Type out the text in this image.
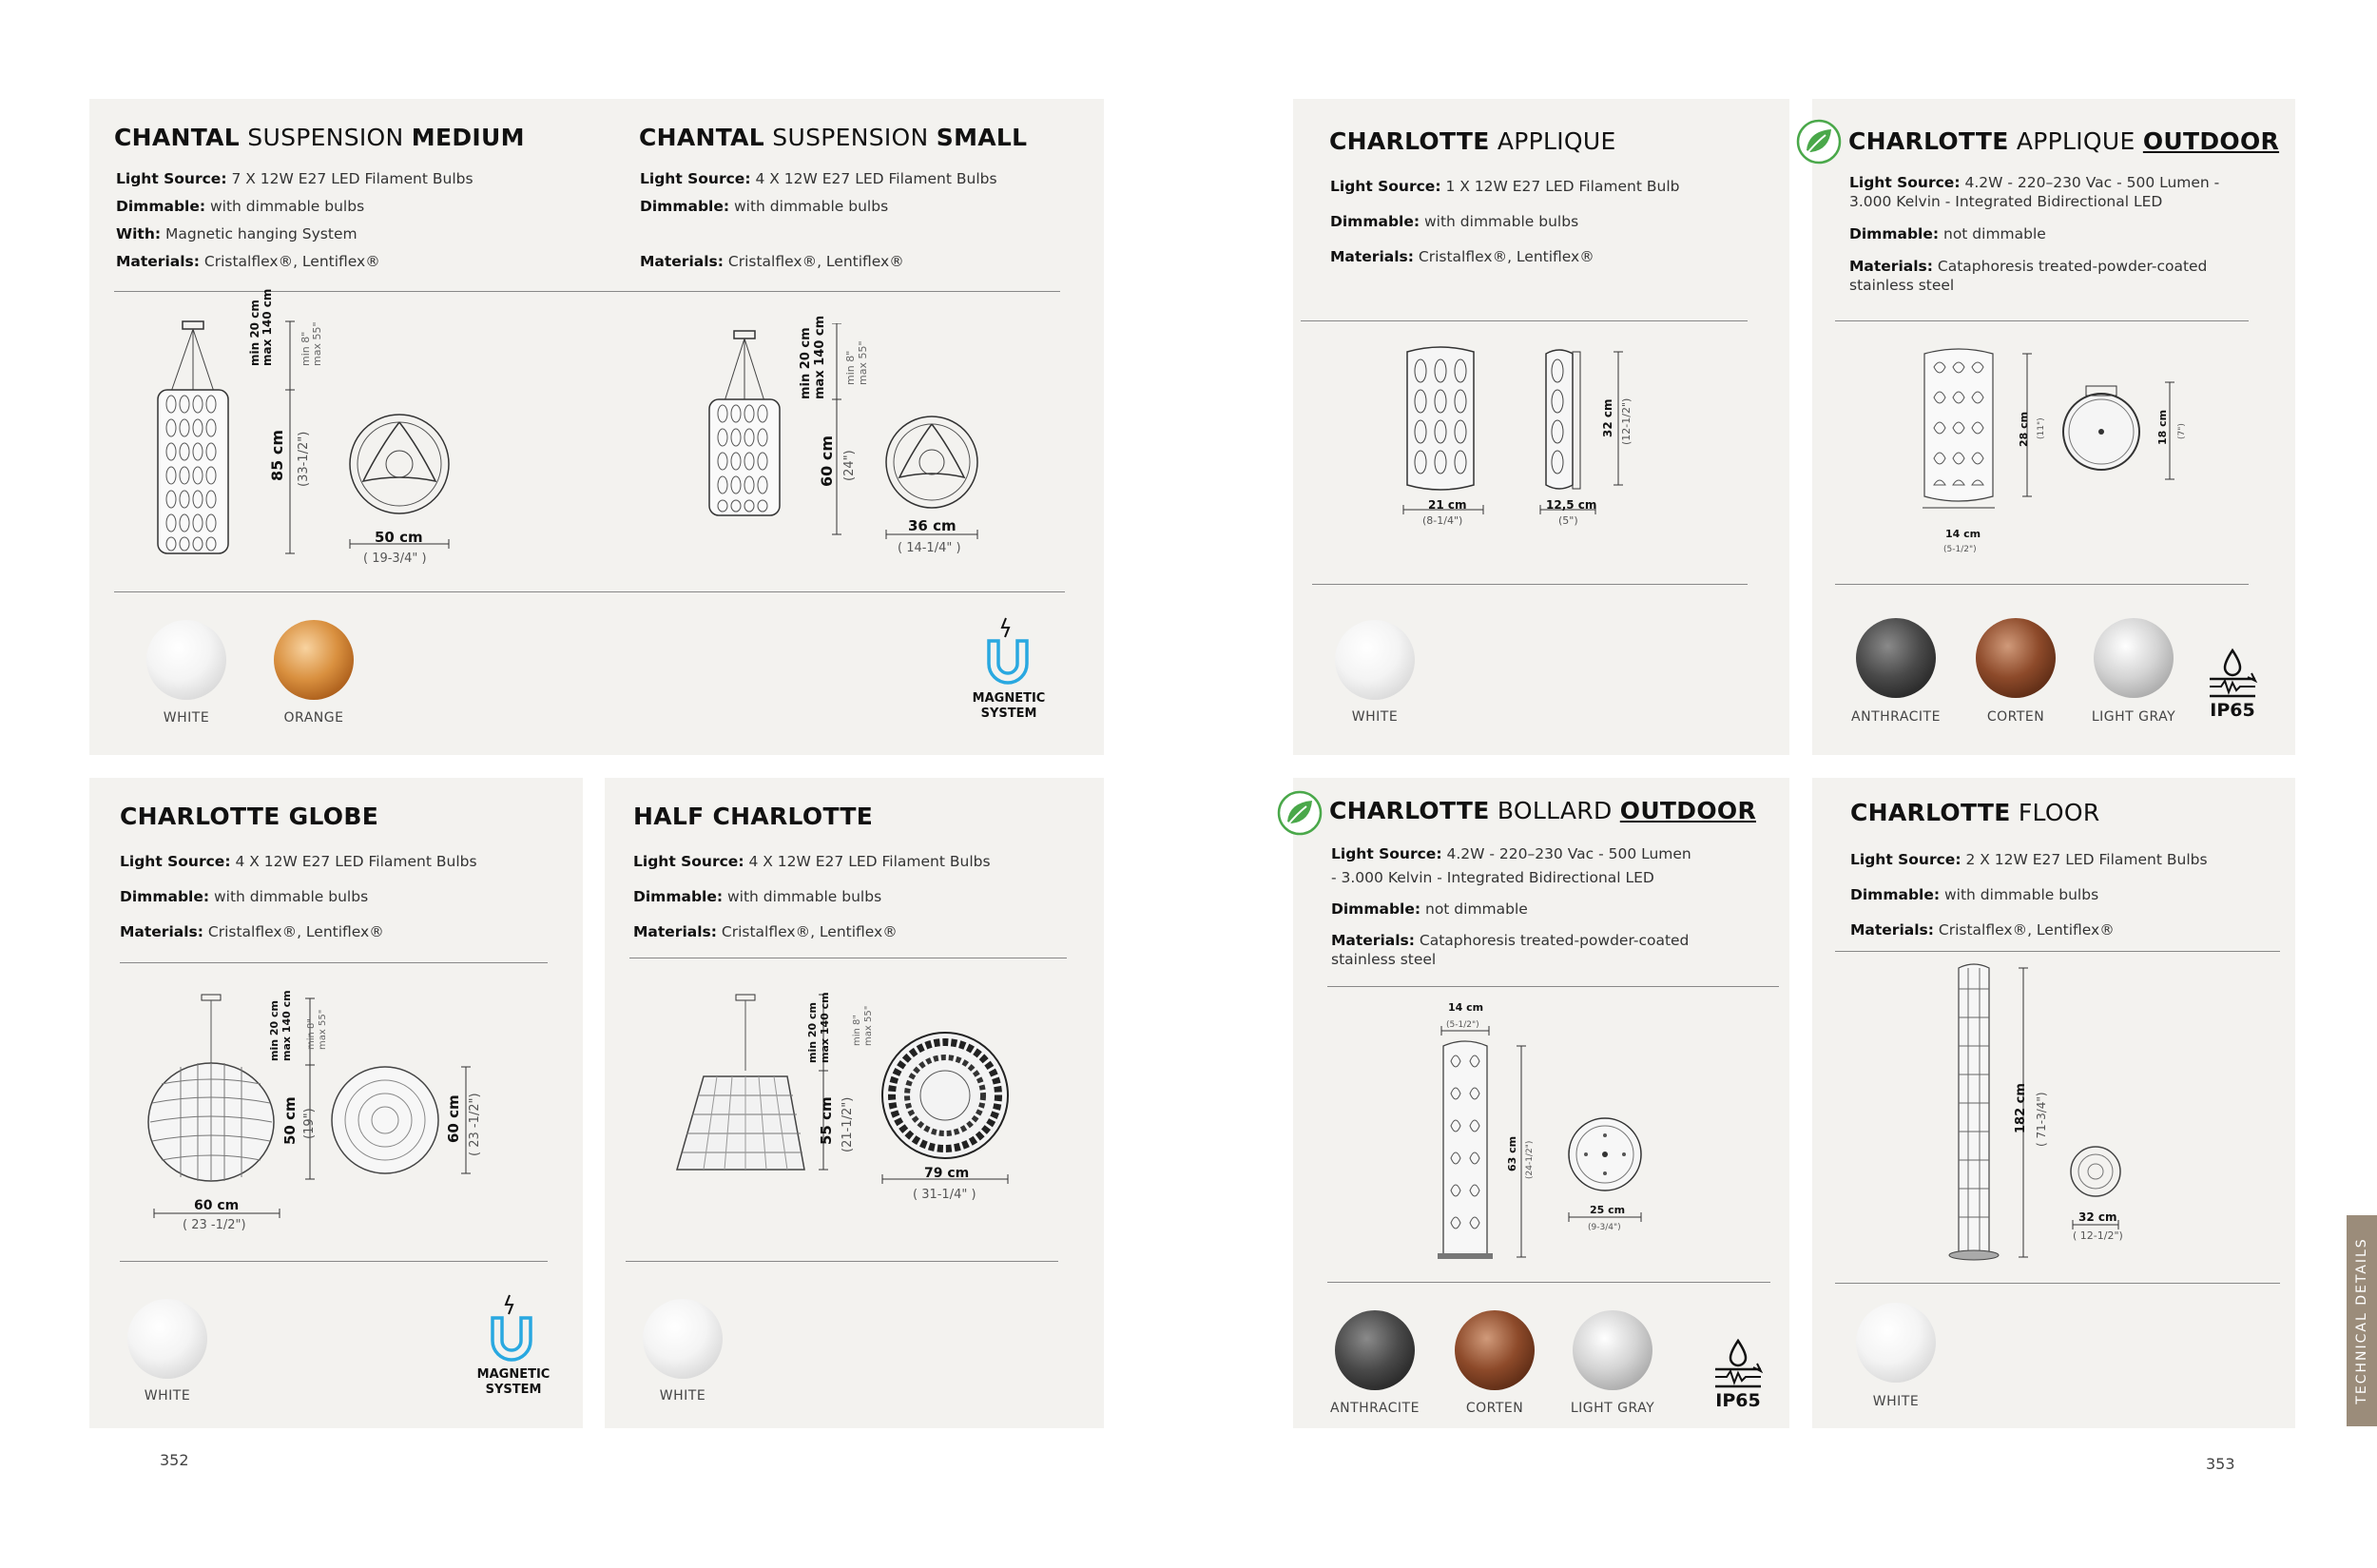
CHANTAL SUSPENSION MEDIUM
Light Source: 7 X 12W E27 LED Filament Bulbs
Dimmable: with dimmable bulbs
With: Magnetic hanging System
Materials: Cristalflex®, Lentiflex®
CHANTAL SUSPENSION SMALL
Light Source: 4 X 12W E27 LED Filament Bulbs
Dimmable: with dimmable bulbs

Materials: Cristalflex®, Lentiflex®
min 20 cm max 140 cm min 8" max 55"
85 cm (33-1/2")
50 cm
( 19-3/4" )
min 20 cm max 140 cm min 8" max 55"
60 cm (24")
36 cm
( 14-1/4" )
WHITE	ORANGE
MAGNETIC
SYSTEM
CHARLOTTE GLOBE
Light Source: 4 X 12W E27 LED Filament Bulbs
Dimmable: with dimmable bulbs
Materials: Cristalflex®, Lentiflex®
min 20 cm max 140 cm min 8" max 55"
50 cm (19")	60 cm ( 23 -1/2")
60 cm
( 23 -1/2")
WHITE
MAGNETIC
SYSTEM
HALF CHARLOTTE
Light Source: 4 X 12W E27 LED Filament Bulbs
Dimmable: with dimmable bulbs
Materials: Cristalflex®, Lentiflex®
min 20 cm max 140 cm min 8" max 55"
55 cm (21-1/2")
79 cm
( 31-1/4" )
WHITE
CHARLOTTE APPLIQUE
Light Source: 1 X 12W E27 LED Filament Bulb
Dimmable: with dimmable bulbs
Materials: Cristalflex®, Lentiflex®
32 cm (12-1/2")
21 cm
(8-1/4")
12,5 cm
(5")
WHITE
CHARLOTTE APPLIQUE OUTDOOR
Light Source: 4.2W - 220–230 Vac - 500 Lumen - 3.000 Kelvin - Integrated Bidirectional LED
Dimmable: not dimmable
Materials: Cataphoresis treated-powder-coated stainless steel
28 cm (11")	18 cm (7")
14 cm
(5-1/2")
ANTHRACITE	CORTEN	LIGHT GRAY	IP65
CHARLOTTE BOLLARD OUTDOOR
Light Source: 4.2W - 220–230 Vac - 500 Lumen
- 3.000 Kelvin - Integrated Bidirectional LED
Dimmable: not dimmable
Materials: Cataphoresis treated-powder-coated stainless steel
14 cm
(5-1/2")
63 cm (24-1/2")
25 cm
(9-3/4")
ANTHRACITE	CORTEN	LIGHT GRAY	IP65
CHARLOTTE FLOOR
Light Source: 2 X 12W E27 LED Filament Bulbs
Dimmable: with dimmable bulbs
Materials: Cristalflex®, Lentiflex®
182 cm ( 71-3/4")
32 cm
( 12-1/2")
WHITE
352	353
TECHNICAL DETAILS
